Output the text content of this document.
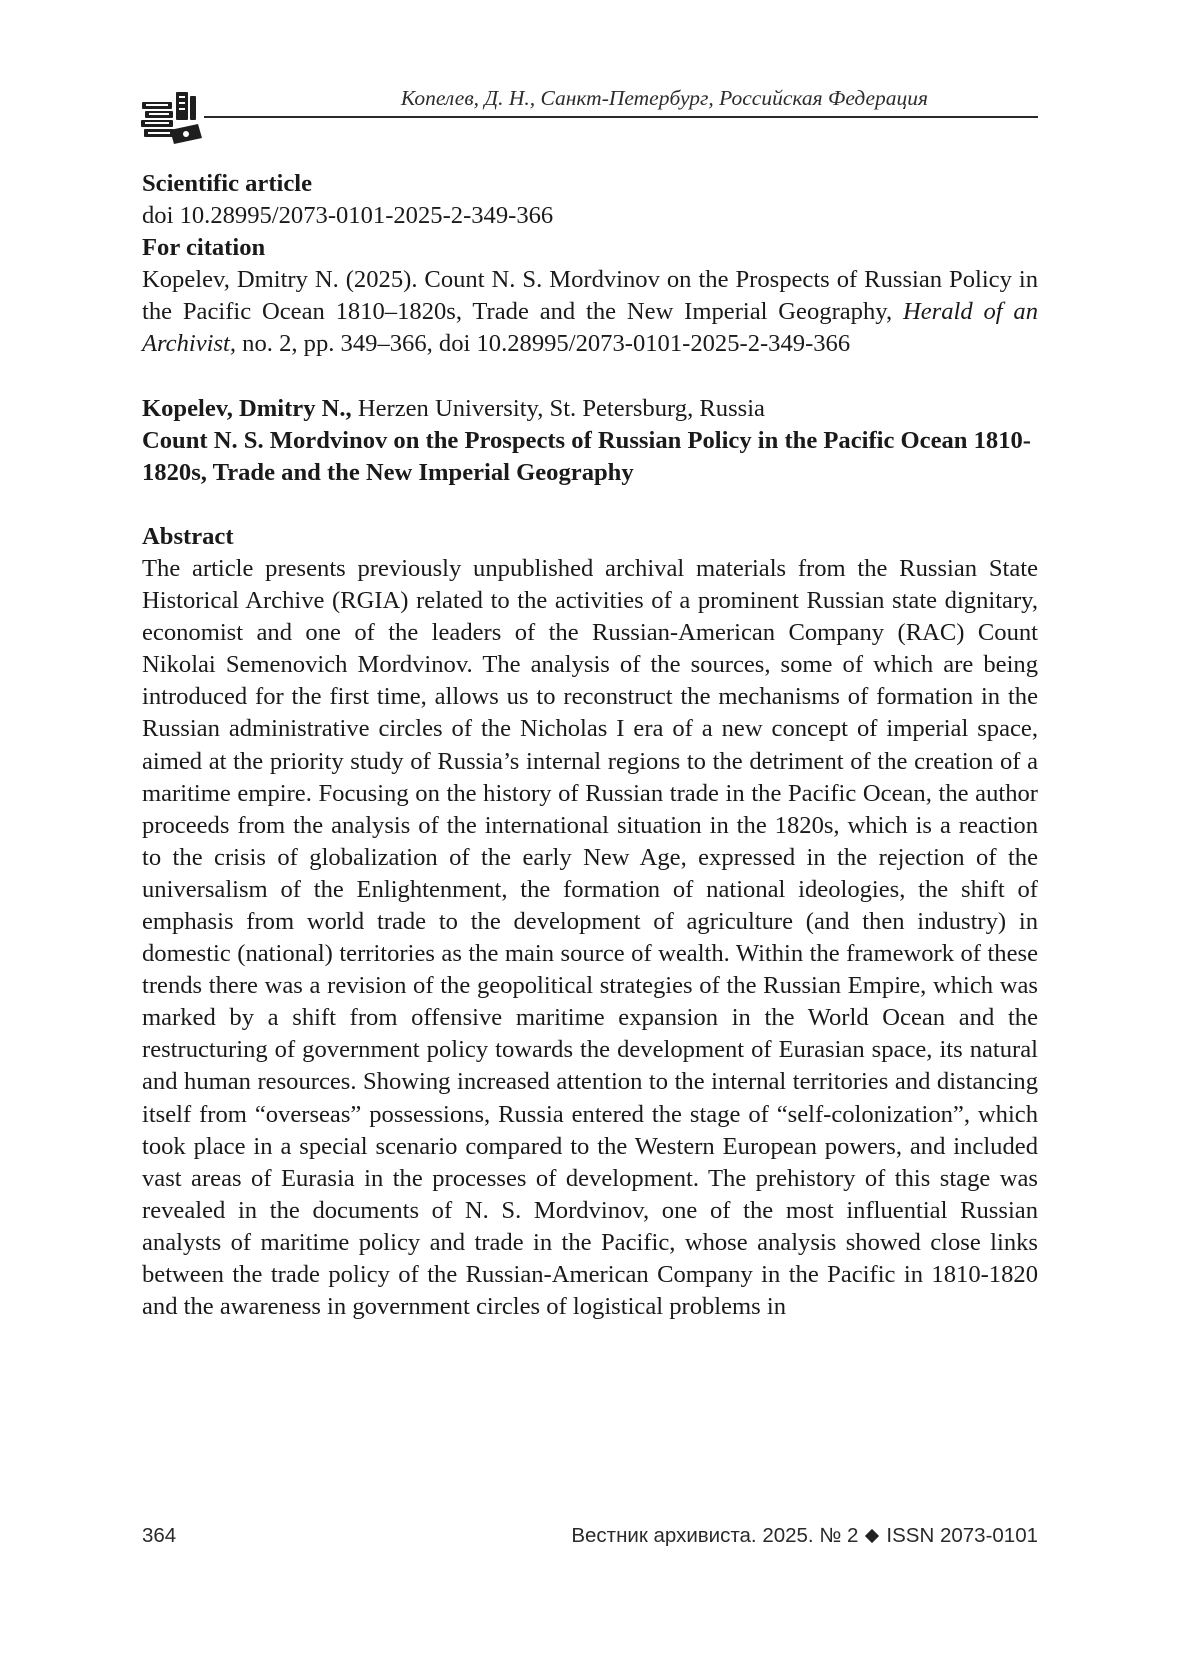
Копелев, Д. Н., Санкт-Петербург, Российская Федерация
Scientific article
doi 10.28995/2073-0101-2025-2-349-366
For citation
Kopelev, Dmitry N. (2025). Count N. S. Mordvinov on the Prospects of Russian Policy in the Pacific Ocean 1810–1820s, Trade and the New Imperial Geography, Herald of an Archivist, no. 2, pp. 349–366, doi 10.28995/2073-0101-2025-2-349-366
Kopelev, Dmitry N., Herzen University, St. Petersburg, Russia
Count N. S. Mordvinov on the Prospects of Russian Policy in the Pacific Ocean 1810-1820s, Trade and the New Imperial Geography
Abstract
The article presents previously unpublished archival materials from the Russian State Historical Archive (RGIA) related to the activities of a prominent Russian state dignitary, economist and one of the leaders of the Russian-American Company (RAC) Count Nikolai Semenovich Mordvinov. The analysis of the sources, some of which are being introduced for the first time, allows us to reconstruct the mechanisms of formation in the Russian administrative circles of the Nicholas I era of a new concept of imperial space, aimed at the priority study of Russia’s internal regions to the detriment of the creation of a maritime empire. Focusing on the history of Russian trade in the Pacific Ocean, the author proceeds from the analysis of the international situation in the 1820s, which is a reaction to the crisis of globalization of the early New Age, expressed in the rejection of the universalism of the Enlightenment, the formation of national ideologies, the shift of emphasis from world trade to the development of agriculture (and then industry) in domestic (national) territories as the main source of wealth. Within the framework of these trends there was a revision of the geopolitical strategies of the Russian Empire, which was marked by a shift from offensive maritime expansion in the World Ocean and the restructuring of government policy towards the development of Eurasian space, its natural and human resources. Showing increased attention to the internal territories and distancing itself from “overseas” possessions, Russia entered the stage of “self-colonization”, which took place in a special scenario compared to the Western European powers, and included vast areas of Eurasia in the processes of development. The prehistory of this stage was revealed in the documents of N. S. Mordvinov, one of the most influential Russian analysts of maritime policy and trade in the Pacific, whose analysis showed close links between the trade policy of the Russian-American Company in the Pacific in 1810-1820 and the awareness in government circles of logistical problems in
364	Вестник архивиста. 2025. № 2 ISSN 2073-0101
